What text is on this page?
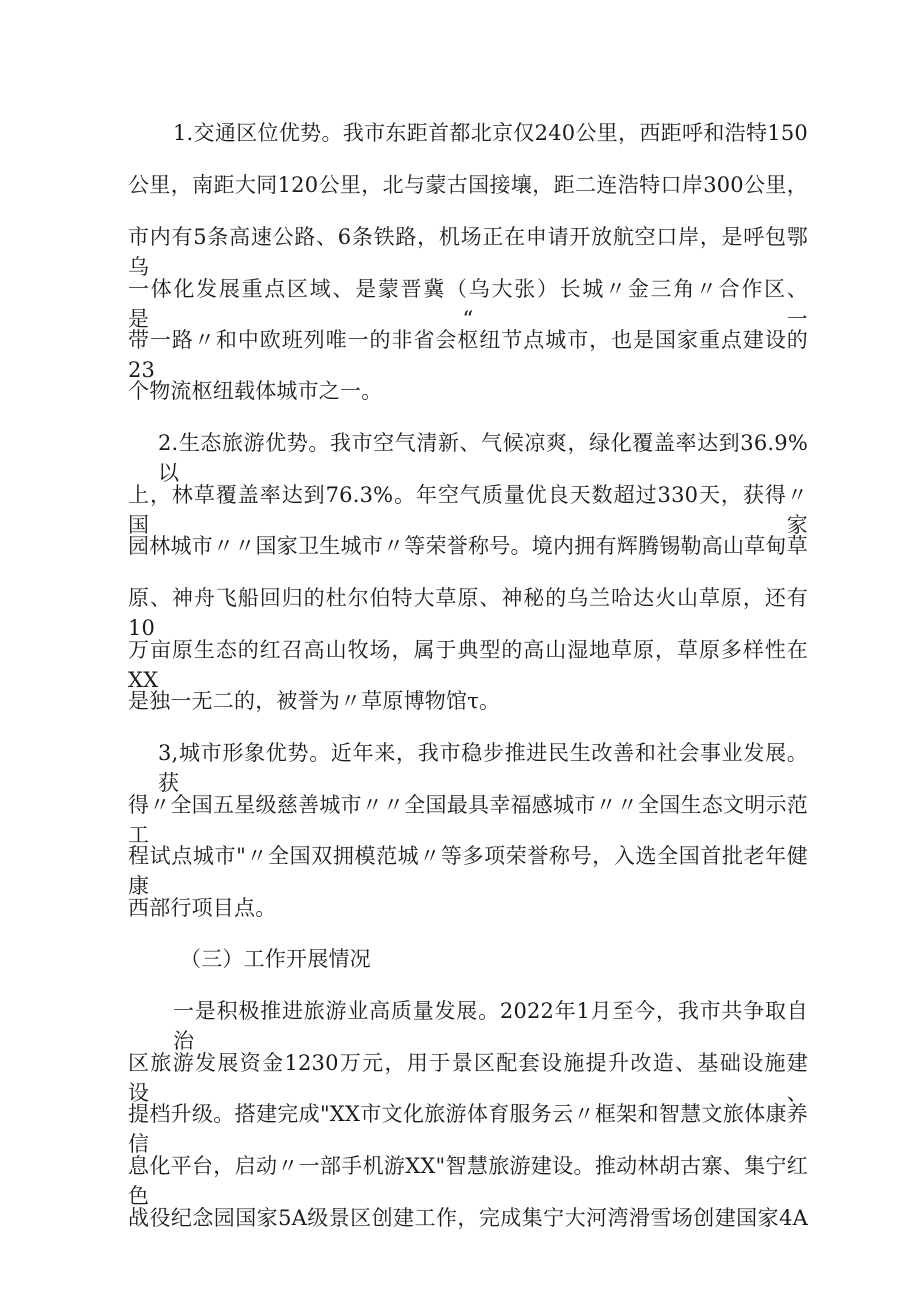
1.交通区位优势。我市东距首都北京仅240公里，西距呼和浩特150
公里，南距大同120公里，北与蒙古国接壤，距二连浩特口岸300公里，
市内有5条高速公路、6条铁路，机场正在申请开放航空口岸，是呼包鄂乌
一体化发展重点区域、是蒙晋冀（乌大张）长城〃金三角〃合作区、是“一
带一路〃和中欧班列唯一的非省会枢纽节点城市，也是国家重点建设的23
个物流枢纽载体城市之一。
2.生态旅游优势。我市空气清新、气候凉爽，绿化覆盖率达到36.9%以
上，林草覆盖率达到76.3%。年空气质量优良天数超过330天，获得〃国家
园林城市〃〃国家卫生城市〃等荣誉称号。境内拥有辉腾锡勒高山草甸草
原、神舟飞船回归的杜尔伯特大草原、神秘的乌兰哈达火山草原，还有10
万亩原生态的红召高山牧场，属于典型的高山湿地草原，草原多样性在XX
是独一无二的，被誉为〃草原博物馆τ。
3,城市形象优势。近年来，我市稳步推进民生改善和社会事业发展。获
得〃全国五星级慈善城市〃〃全国最具幸福感城市〃〃全国生态文明示范工
程试点城市"〃全国双拥模范城〃等多项荣誉称号，入选全国首批老年健康
西部行项目点。
（三）工作开展情况
一是积极推进旅游业高质量发展。2022年1月至今，我市共争取自治
区旅游发展资金1230万元，用于景区配套设施提升改造、基础设施建设、
提档升级。搭建完成"XX市文化旅游体育服务云〃框架和智慧文旅体康养信
息化平台，启动〃一部手机游XX"智慧旅游建设。推动林胡古寨、集宁红色
战役纪念园国家5A级景区创建工作，完成集宁大河湾滑雪场创建国家4A
